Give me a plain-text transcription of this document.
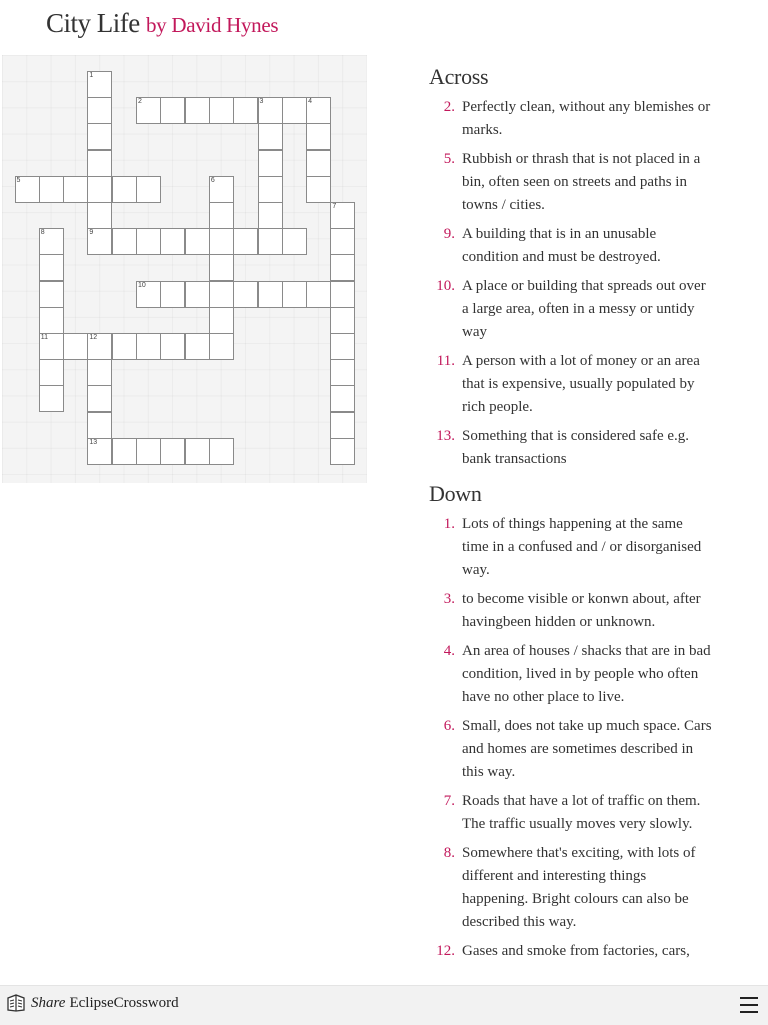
City Life by David Hynes
1
9
2	3	4
5	6
7
8
11
10
12
13
Across
2. Perfectly clean, without any blemishes or marks.
5. Rubbish or thrash that is not placed in a bin, often seen on streets and paths in towns / cities.
9. A building that is in an unusable condition and must be destroyed.
10. A place or building that spreads out over a large area, often in a messy or untidy way
11. A person with a lot of money or an area that is expensive, usually populated by rich people.
13. Something that is considered safe e.g. bank transactions
Down
1. Lots of things happening at the same time in a confused and / or disorganised way.
3. to become visible or konwn about, after havingbeen hidden or unknown.
4. An area of houses / shacks that are in bad condition, lived in by people who often have no other place to live.
6. Small, does not take up much space. Cars and homes are sometimes described in this way.
7. Roads that have a lot of traffic on them. The traffic usually moves very slowly.
8. Somewhere that's exciting, with lots of different and interesting things happening. Bright colours can also be described this way.
12. Gases and smoke from factories, cars,
Share EclipseCrossword
